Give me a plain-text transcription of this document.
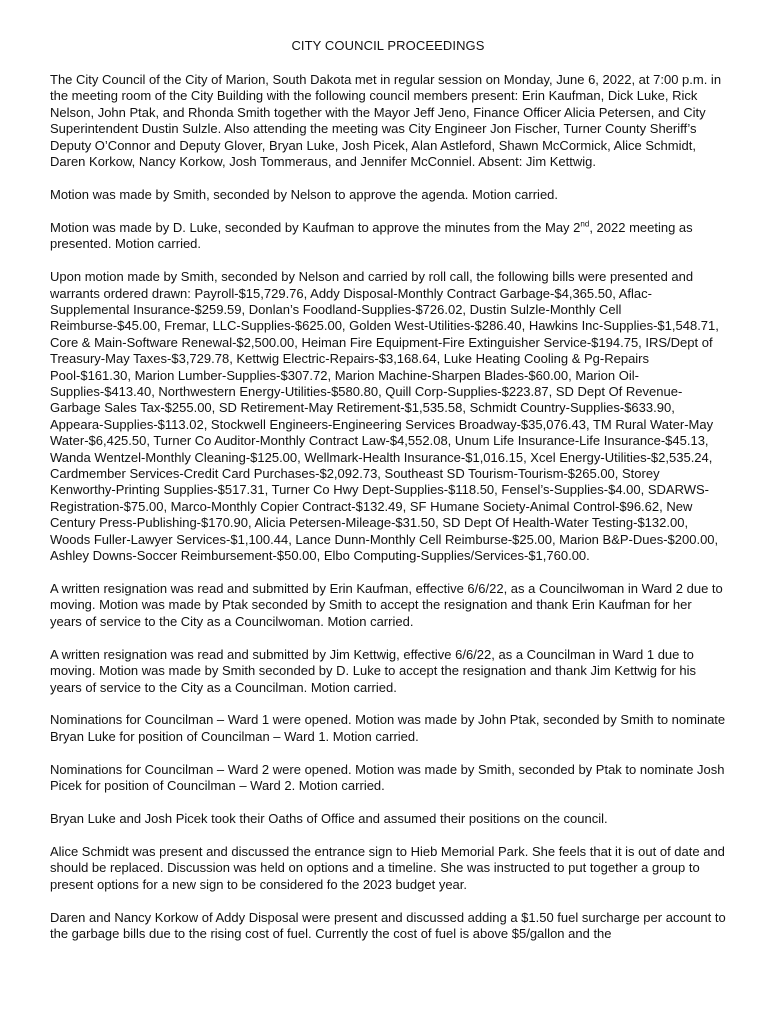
CITY COUNCIL PROCEEDINGS

The City Council of the City of Marion, South Dakota met in regular session on Monday, June 6, 2022, at 7:00 p.m. in the meeting room of the City Building with the following council members present: Erin Kaufman, Dick Luke, Rick Nelson, John Ptak, and Rhonda Smith together with the Mayor Jeff Jeno, Finance Officer Alicia Petersen, and City Superintendent Dustin Sulzle. Also attending the meeting was City Engineer Jon Fischer, Turner County Sheriff’s Deputy O’Connor and Deputy Glover, Bryan Luke, Josh Picek, Alan Astleford, Shawn McCormick, Alice Schmidt, Daren Korkow, Nancy Korkow, Josh Tommeraus, and Jennifer McConniel. Absent: Jim Kettwig.

Motion was made by Smith, seconded by Nelson to approve the agenda. Motion carried.

Motion was made by D. Luke, seconded by Kaufman to approve the minutes from the May 2nd, 2022 meeting as presented. Motion carried.

Upon motion made by Smith, seconded by Nelson and carried by roll call, the following bills were presented and warrants ordered drawn: Payroll-$15,729.76, Addy Disposal-Monthly Contract Garbage-$4,365.50, Aflac-Supplemental Insurance-$259.59, Donlan’s Foodland-Supplies-$726.02, Dustin Sulzle-Monthly Cell Reimburse-$45.00, Fremar, LLC-Supplies-$625.00, Golden West-Utilities-$286.40, Hawkins Inc-Supplies-$1,548.71, Core & Main-Software Renewal-$2,500.00, Heiman Fire Equipment-Fire Extinguisher Service-$194.75, IRS/Dept of Treasury-May Taxes-$3,729.78, Kettwig Electric-Repairs-$3,168.64, Luke Heating Cooling & Pg-Repairs Pool-$161.30, Marion Lumber-Supplies-$307.72, Marion Machine-Sharpen Blades-$60.00, Marion Oil-Supplies-$413.40, Northwestern Energy-Utilities-$580.80, Quill Corp-Supplies-$223.87, SD Dept Of Revenue-Garbage Sales Tax-$255.00, SD Retirement-May Retirement-$1,535.58, Schmidt Country-Supplies-$633.90, Appeara-Supplies-$113.02, Stockwell Engineers-Engineering Services Broadway-$35,076.43, TM Rural Water-May Water-$6,425.50, Turner Co Auditor-Monthly Contract Law-$4,552.08, Unum Life Insurance-Life Insurance-$45.13, Wanda Wentzel-Monthly Cleaning-$125.00, Wellmark-Health Insurance-$1,016.15, Xcel Energy-Utilities-$2,535.24, Cardmember Services-Credit Card Purchases-$2,092.73, Southeast SD Tourism-Tourism-$265.00, Storey Kenworthy-Printing Supplies-$517.31, Turner Co Hwy Dept-Supplies-$118.50, Fensel’s-Supplies-$4.00, SDARWS-Registration-$75.00, Marco-Monthly Copier Contract-$132.49, SF Humane Society-Animal Control-$96.62, New Century Press-Publishing-$170.90, Alicia Petersen-Mileage-$31.50, SD Dept Of Health-Water Testing-$132.00, Woods Fuller-Lawyer Services-$1,100.44, Lance Dunn-Monthly Cell Reimburse-$25.00, Marion B&P-Dues-$200.00, Ashley Downs-Soccer Reimbursement-$50.00, Elbo Computing-Supplies/Services-$1,760.00.

A written resignation was read and submitted by Erin Kaufman, effective 6/6/22, as a Councilwoman in Ward 2 due to moving. Motion was made by Ptak seconded by Smith to accept the resignation and thank Erin Kaufman for her years of service to the City as a Councilwoman. Motion carried.

A written resignation was read and submitted by Jim Kettwig, effective 6/6/22, as a Councilman in Ward 1 due to moving. Motion was made by Smith seconded by D. Luke to accept the resignation and thank Jim Kettwig for his years of service to the City as a Councilman. Motion carried.

Nominations for Councilman – Ward 1 were opened. Motion was made by John Ptak, seconded by Smith to nominate Bryan Luke for position of Councilman – Ward 1. Motion carried.

Nominations for Councilman – Ward 2 were opened. Motion was made by Smith, seconded by Ptak to nominate Josh Picek for position of Councilman – Ward 2. Motion carried.

Bryan Luke and Josh Picek took their Oaths of Office and assumed their positions on the council.

Alice Schmidt was present and discussed the entrance sign to Hieb Memorial Park. She feels that it is out of date and should be replaced. Discussion was held on options and a timeline. She was instructed to put together a group to present options for a new sign to be considered fo the 2023 budget year.

Daren and Nancy Korkow of Addy Disposal were present and discussed adding a $1.50 fuel surcharge per account to the garbage bills due to the rising cost of fuel. Currently the cost of fuel is above $5/gallon and the
